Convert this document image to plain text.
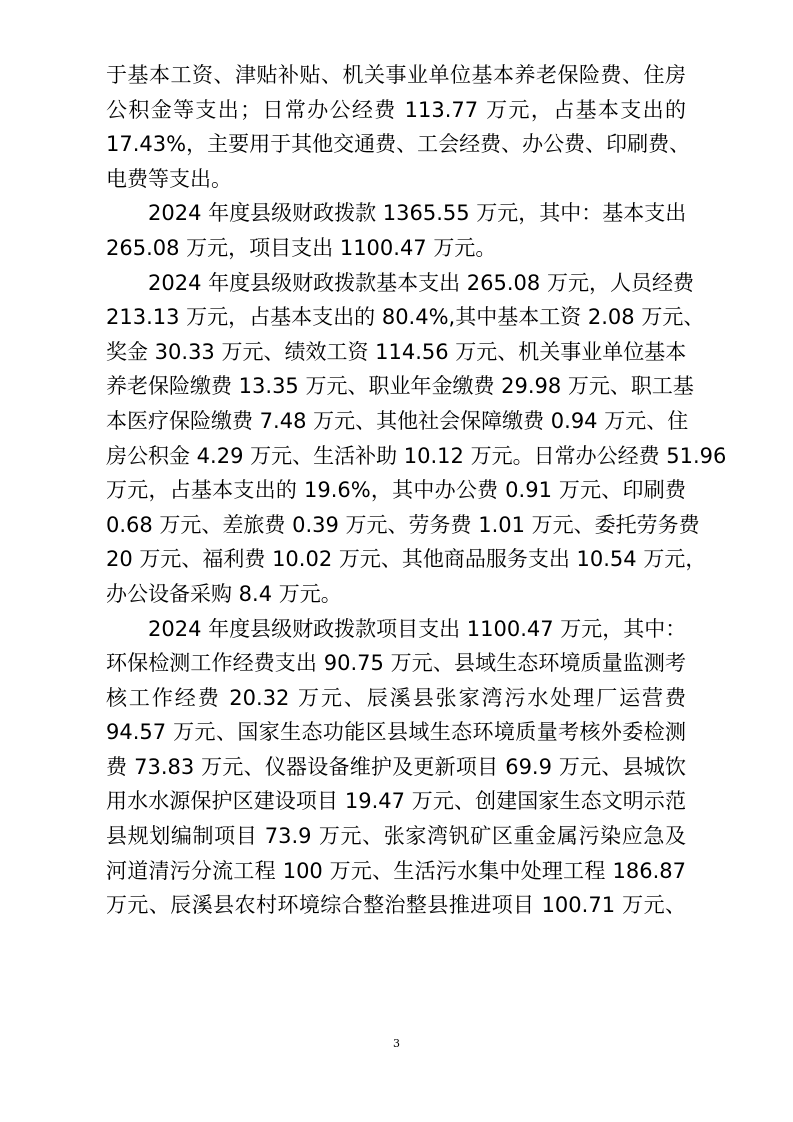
于基本工资、津贴补贴、机关事业单位基本养老保险费、住房
公积金等支出；日常办公经费 113.77 万元，占基本支出的
17.43%，主要用于其他交通费、工会经费、办公费、印刷费、
电费等支出。
2024 年度县级财政拨款 1365.55 万元，其中：基本支出
265.08 万元，项目支出 1100.47 万元。
2024 年度县级财政拨款基本支出 265.08 万元，人员经费
213.13 万元，占基本支出的 80.4%,其中基本工资 2.08 万元、
奖金 30.33 万元、绩效工资 114.56 万元、机关事业单位基本
养老保险缴费 13.35 万元、职业年金缴费 29.98 万元、职工基
本医疗保险缴费 7.48 万元、其他社会保障缴费 0.94 万元、住
房公积金 4.29 万元、生活补助 10.12 万元。日常办公经费 51.96
万元，占基本支出的 19.6%，其中办公费 0.91 万元、印刷费
0.68 万元、差旅费 0.39 万元、劳务费 1.01 万元、委托劳务费
20 万元、福利费 10.02 万元、其他商品服务支出 10.54 万元，
办公设备采购 8.4 万元。
2024 年度县级财政拨款项目支出 1100.47 万元，其中：
环保检测工作经费支出 90.75 万元、县域生态环境质量监测考
核工作经费 20.32 万元、辰溪县张家湾污水处理厂运营费
94.57 万元、国家生态功能区县域生态环境质量考核外委检测
费 73.83 万元、仪器设备维护及更新项目 69.9 万元、县城饮
用水水源保护区建设项目 19.47 万元、创建国家生态文明示范
县规划编制项目 73.9 万元、张家湾钒矿区重金属污染应急及
河道清污分流工程 100 万元、生活污水集中处理工程 186.87
万元、辰溪县农村环境综合整治整县推进项目 100.71 万元、
3
